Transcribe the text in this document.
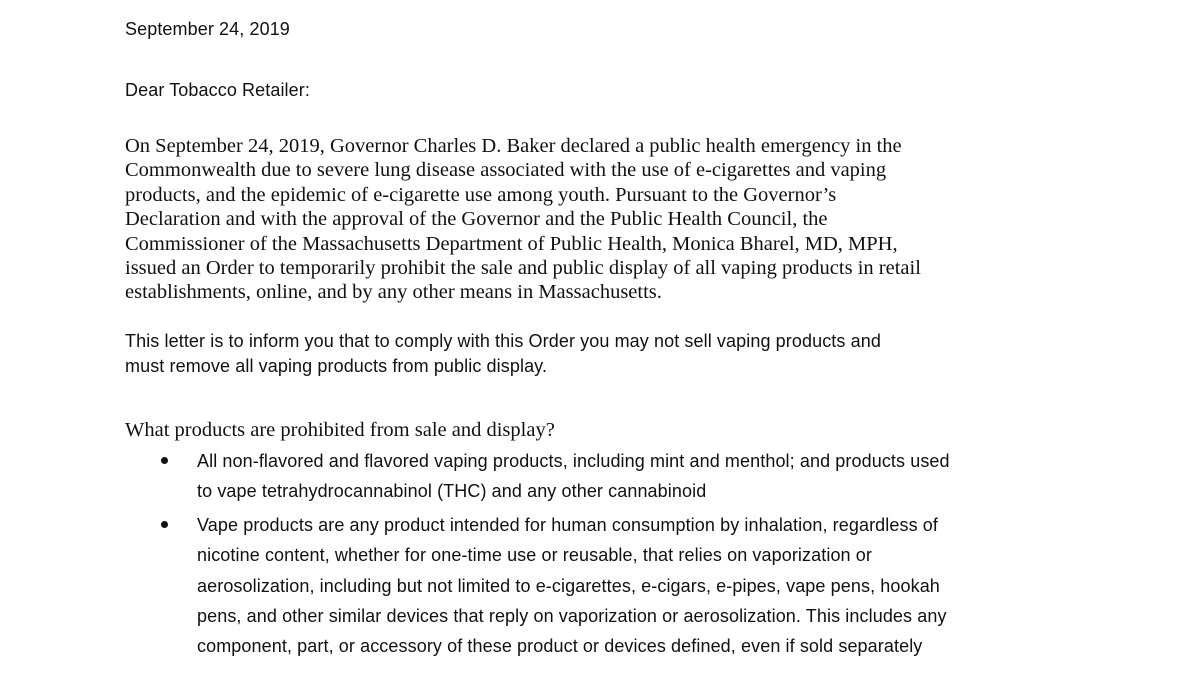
September 24, 2019
Dear Tobacco Retailer:
On September 24, 2019, Governor Charles D. Baker declared a public health emergency in the
Commonwealth due to severe lung disease associated with the use of e-cigarettes and vaping
products, and the epidemic of e-cigarette use among youth. Pursuant to the Governor’s
Declaration and with the approval of the Governor and the Public Health Council, the
Commissioner of the Massachusetts Department of Public Health, Monica Bharel, MD, MPH,
issued an Order to temporarily prohibit the sale and public display of all vaping products in retail
establishments, online, and by any other means in Massachusetts.
This letter is to inform you that to comply with this Order you may not sell vaping products and
must remove all vaping products from public display.
What products are prohibited from sale and display?
All non-flavored and flavored vaping products, including mint and menthol; and products used
to vape tetrahydrocannabinol (THC) and any other cannabinoid
Vape products are any product intended for human consumption by inhalation, regardless of
nicotine content, whether for one-time use or reusable, that relies on vaporization or
aerosolization, including but not limited to e-cigarettes, e-cigars, e-pipes, vape pens, hookah
pens, and other similar devices that reply on vaporization or aerosolization. This includes any
component, part, or accessory of these product or devices defined, even if sold separately
